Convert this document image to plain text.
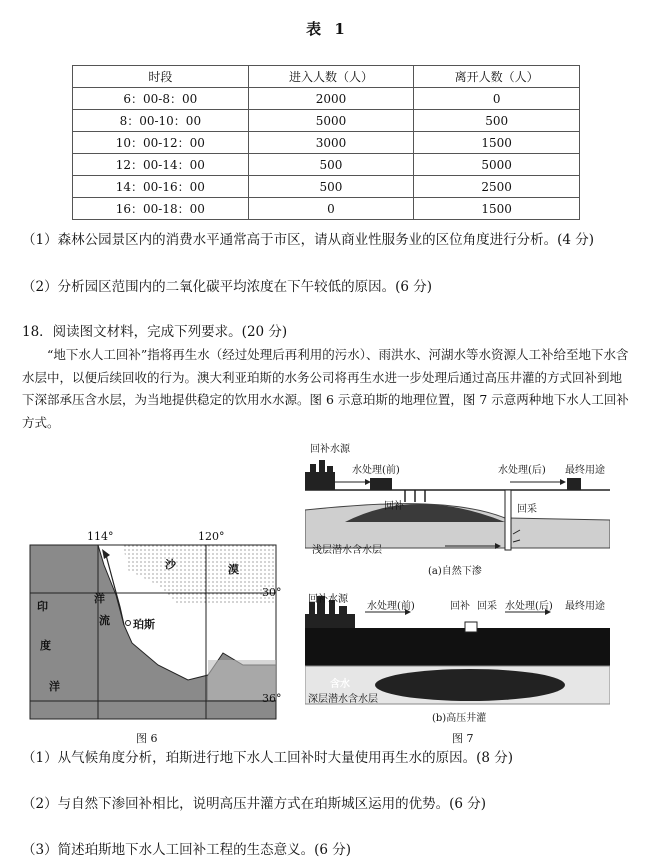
表 1
时段	进入人数（人）	离开人数（人）
6：00-8：00	2000	0
8：00-10：00	5000	500
10：00-12：00	3000	1500
12：00-14：00	500	5000
14：00-16：00	500	2500
16：00-18：00	0	1500
（1）森林公园景区内的消费水平通常高于市区，请从商业性服务业的区位角度进行分析。(4 分)
（2）分析园区范围内的二氧化碳平均浓度在下午较低的原因。(6 分)
18．阅读图文材料，完成下列要求。(20 分)
“地下水人工回补”指将再生水（经过处理后再利用的污水）、雨洪水、河湖水等水资源人工补给至地下水含水层中，以便后续回收的行为。澳大利亚珀斯的水务公司将再生水进一步处理后通过高压井灌的方式回补到地下深部承压含水层，为当地提供稳定的饮用水水源。图 6 示意珀斯的地理位置，图 7 示意两种地下水人工回补方式。
114°	120°
30°
36°
沙	漠
印
度
洋
洋
流 珀斯
图 6
回补水源
水处理(前)	水处理(后) 最终用途
回补	回采
浅层潜水含水层
(a)自然下渗
回补水源
水处理(前)	回补 回采 水处理(后) 最终用途
含水
深层潜水含水层
(b)高压井灌
图 7
（1）从气候角度分析，珀斯进行地下水人工回补时大量使用再生水的原因。(8 分)
（2）与自然下渗回补相比，说明高压井灌方式在珀斯城区运用的优势。(6 分)
（3）简述珀斯地下水人工回补工程的生态意义。(6 分)
